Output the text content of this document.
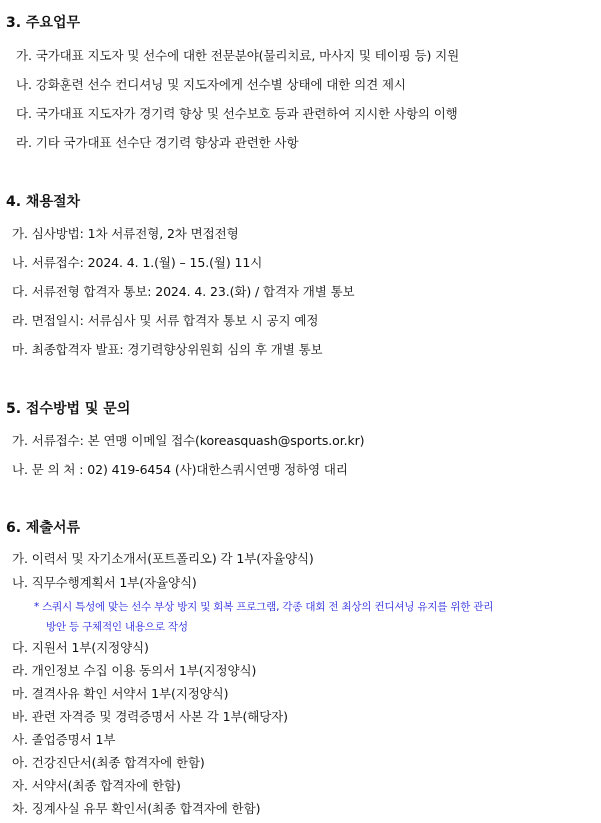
3. 주요업무

가. 국가대표 지도자 및 선수에 대한 전문분야(물리치료, 마사지 및 테이핑 등) 지원

나. 강화훈련 선수 컨디셔닝 및 지도자에게 선수별 상태에 대한 의견 제시

다. 국가대표 지도자가 경기력 향상 및 선수보호 등과 관련하여 지시한 사항의 이행

라. 기타 국가대표 선수단 경기력 향상과 관련한 사항

4. 채용절차

가. 심사방법: 1차 서류전형, 2차 면접전형

나. 서류접수: 2024. 4. 1.(월) – 15.(월) 11시

다. 서류전형 합격자 통보: 2024. 4. 23.(화) / 합격자 개별 통보

라. 면접일시: 서류심사 및 서류 합격자 통보 시 공지 예정

마. 최종합격자 발표: 경기력향상위원회 심의 후 개별 통보

5. 접수방법 및 문의

가. 서류접수: 본 연맹 이메일 접수(koreasquash@sports.or.kr)

나. 문 의 처 : 02) 419-6454 (사)대한스쿼시연맹 정하영 대리

6. 제출서류

가. 이력서 및 자기소개서(포트폴리오) 각 1부(자율양식)

나. 직무수행계획서 1부(자율양식)

* 스쿼시 특성에 맞는 선수 부상 방지 및 회복 프로그램, 각종 대회 전 최상의 컨디셔닝 유지를 위한 관리

방안 등 구체적인 내용으로 작성

다. 지원서 1부(지정양식)

라. 개인정보 수집 이용 동의서 1부(지정양식)

마. 결격사유 확인 서약서 1부(지정양식)

바. 관련 자격증 및 경력증명서 사본 각 1부(해당자)

사. 졸업증명서 1부

아. 건강진단서(최종 합격자에 한함)

자. 서약서(최종 합격자에 한함)

차. 징계사실 유무 확인서(최종 합격자에 한함)
